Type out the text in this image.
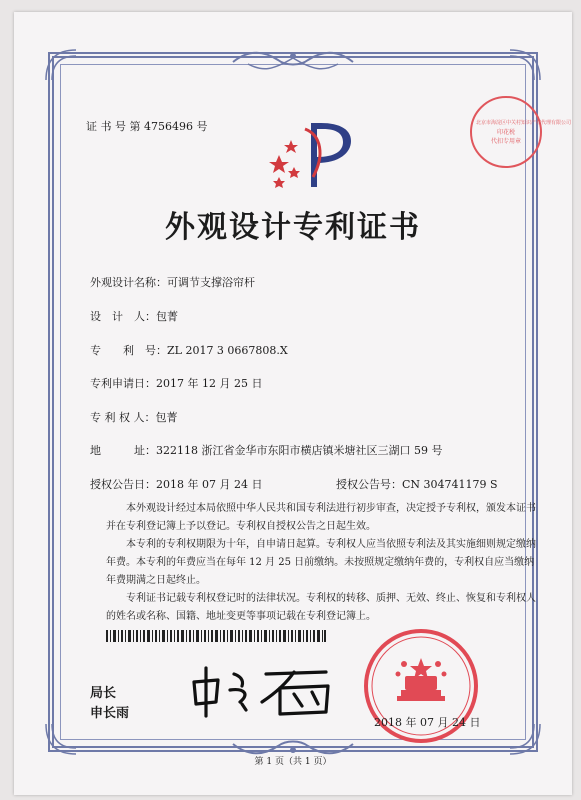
证 书 号 第 4756496 号	北京市海淀区中关村知识产权代理有限公司
印花税
代扣专用章
外观设计专利证书
外观设计名称：可调节支撑浴帘杆
设　计　人：包菁
专　　利　号：ZL 2017 3 0667808.X
专利申请日：2017 年 12 月 25 日
专 利 权 人：包菁
地　　　址：322118 浙江省金华市东阳市横店镇米塘社区三湖口 59 号
授权公告日：2018 年 07 月 24 日	授权公告号：CN 304741179 S
本外观设计经过本局依照中华人民共和国专利法进行初步审查，决定授予专利权，颁发本证书并在专利登记簿上予以登记。专利权自授权公告之日起生效。
本专利的专利权期限为十年，自申请日起算。专利权人应当依照专利法及其实施细则规定缴纳年费。本专利的年费应当在每年 12 月 25 日前缴纳。未按照规定缴纳年费的，专利权自应当缴纳年费期满之日起终止。
专利证书记载专利权登记时的法律状况。专利权的转移、质押、无效、终止、恢复和专利权人的姓名或名称、国籍、地址变更等事项记载在专利登记簿上。
局长
申长雨
2018 年 07 月 24 日
第 1 页（共 1 页）
